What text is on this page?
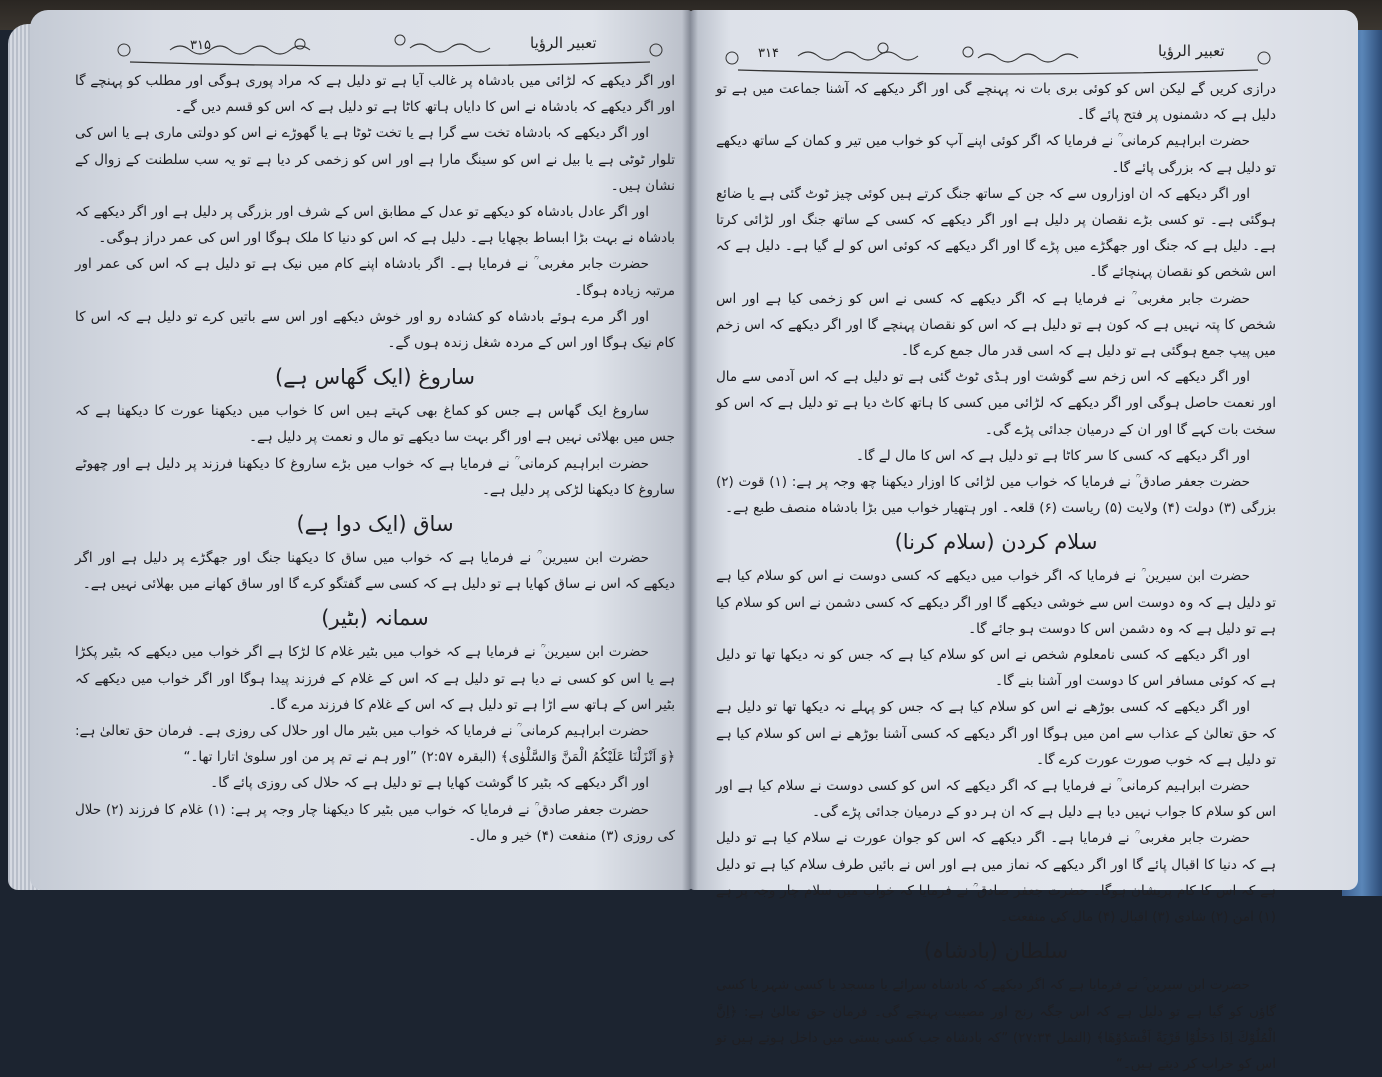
۳۱۵	تعبیر الرؤیا

اور اگر دیکھے کہ لڑائی میں بادشاہ پر غالب آیا ہے تو دلیل ہے کہ مراد پوری ہوگی اور مطلب کو پہنچے گا اور اگر دیکھے کہ بادشاہ نے اس کا دایاں ہاتھ کاٹا ہے تو دلیل ہے کہ اس کو قسم دیں گے۔

اور اگر دیکھے کہ بادشاہ تخت سے گرا ہے یا تخت ٹوٹا ہے یا گھوڑے نے اس کو دولتی ماری ہے یا اس کی تلوار ٹوٹی ہے یا بیل نے اس کو سینگ مارا ہے اور اس کو زخمی کر دیا ہے تو یہ سب سلطنت کے زوال کے نشان ہیں۔

اور اگر عادل بادشاہ کو دیکھے تو عدل کے مطابق اس کے شرف اور بزرگی پر دلیل ہے اور اگر دیکھے کہ بادشاہ نے بہت بڑا ابساط بچھایا ہے۔ دلیل ہے کہ اس کو دنیا کا ملک ہوگا اور اس کی عمر دراز ہوگی۔

حضرت جابر مغربی ؒ نے فرمایا ہے۔ اگر بادشاہ اپنے کام میں نیک ہے تو دلیل ہے کہ اس کی عمر اور مرتبہ زیادہ ہوگا۔

اور اگر مرے ہوئے بادشاہ کو کشادہ رو اور خوش دیکھے اور اس سے باتیں کرے تو دلیل ہے کہ اس کا کام نیک ہوگا اور اس کے مردہ شغل زندہ ہوں گے۔

ساروغ (ایک گھاس ہے)

ساروغ ایک گھاس ہے جس کو کماغ بھی کہتے ہیں اس کا خواب میں دیکھنا عورت کا دیکھنا ہے کہ جس میں بھلائی نہیں ہے اور اگر بہت سا دیکھے تو مال و نعمت پر دلیل ہے۔

حضرت ابراہیم کرمانی ؒ نے فرمایا ہے کہ خواب میں بڑے ساروغ کا دیکھنا فرزند پر دلیل ہے اور چھوٹے ساروغ کا دیکھنا لڑکی پر دلیل ہے۔

ساق (ایک دوا ہے)

حضرت ابن سیرین ؒ نے فرمایا ہے کہ خواب میں ساق کا دیکھنا جنگ اور جھگڑے پر دلیل ہے اور اگر دیکھے کہ اس نے ساق کھایا ہے تو دلیل ہے کہ کسی سے گفتگو کرے گا اور ساق کھانے میں بھلائی نہیں ہے۔

سمانہ (بٹیر)

حضرت ابن سیرین ؒ نے فرمایا ہے کہ خواب میں بٹیر غلام کا لڑکا ہے اگر خواب میں دیکھے کہ بٹیر پکڑا ہے یا اس کو کسی نے دیا ہے تو دلیل ہے کہ اس کے غلام کے فرزند پیدا ہوگا اور اگر خواب میں دیکھے کہ بٹیر اس کے ہاتھ سے اڑا ہے تو دلیل ہے کہ اس کے غلام کا فرزند مرے گا۔

حضرت ابراہیم کرمانی ؒ نے فرمایا کہ خواب میں بٹیر مال اور حلال کی روزی ہے۔ فرمان حق تعالیٰ ہے: ﴿وَ اَنْزَلْنَا عَلَيْكُمُ الْمَنَّ وَالسَّلْوٰى﴾ (البقرہ ۲:۵۷) ”اور ہم نے تم پر من اور سلویٰ اتارا تھا۔“

اور اگر دیکھے کہ بٹیر کا گوشت کھایا ہے تو دلیل ہے کہ حلال کی روزی پائے گا۔

حضرت جعفر صادق ؒ نے فرمایا کہ خواب میں بٹیر کا دیکھنا چار وجہ پر ہے: (۱) غلام کا فرزند (۲) حلال کی روزی (۳) منفعت (۴) خیر و مال۔

۳۱۴	تعبیر الرؤیا

درازی کریں گے لیکن اس کو کوئی بری بات نہ پہنچے گی اور اگر دیکھے کہ آشنا جماعت میں ہے تو دلیل ہے کہ دشمنوں پر فتح پائے گا۔

حضرت ابراہیم کرمانی ؒ نے فرمایا کہ اگر کوئی اپنے آپ کو خواب میں تیر و کمان کے ساتھ دیکھے تو دلیل ہے کہ بزرگی پائے گا۔

اور اگر دیکھے کہ ان اوزاروں سے کہ جن کے ساتھ جنگ کرتے ہیں کوئی چیز ٹوٹ گئی ہے یا ضائع ہوگئی ہے۔ تو کسی بڑے نقصان پر دلیل ہے اور اگر دیکھے کہ کسی کے ساتھ جنگ اور لڑائی کرتا ہے۔ دلیل ہے کہ جنگ اور جھگڑے میں پڑے گا اور اگر دیکھے کہ کوئی اس کو لے گیا ہے۔ دلیل ہے کہ اس شخص کو نقصان پہنچائے گا۔

حضرت جابر مغربی ؒ نے فرمایا ہے کہ اگر دیکھے کہ کسی نے اس کو زخمی کیا ہے اور اس شخص کا پتہ نہیں ہے کہ کون ہے تو دلیل ہے کہ اس کو نقصان پہنچے گا اور اگر دیکھے کہ اس زخم میں پیپ جمع ہوگئی ہے تو دلیل ہے کہ اسی قدر مال جمع کرے گا۔

اور اگر دیکھے کہ اس زخم سے گوشت اور ہڈی ٹوٹ گئی ہے تو دلیل ہے کہ اس آدمی سے مال اور نعمت حاصل ہوگی اور اگر دیکھے کہ لڑائی میں کسی کا ہاتھ کاٹ دیا ہے تو دلیل ہے کہ اس کو سخت بات کہے گا اور ان کے درمیان جدائی پڑے گی۔

اور اگر دیکھے کہ کسی کا سر کاٹا ہے تو دلیل ہے کہ اس کا مال لے گا۔

حضرت جعفر صادق ؒ نے فرمایا کہ خواب میں لڑائی کا اوزار دیکھنا چھ وجہ پر ہے: (۱) قوت (۲) بزرگی (۳) دولت (۴) ولایت (۵) ریاست (۶) قلعہ۔ اور ہتھیار خواب میں بڑا بادشاہ منصف طبع ہے۔

سلام کردن (سلام کرنا)

حضرت ابن سیرین ؒ نے فرمایا کہ اگر خواب میں دیکھے کہ کسی دوست نے اس کو سلام کیا ہے تو دلیل ہے کہ وہ دوست اس سے خوشی دیکھے گا اور اگر دیکھے کہ کسی دشمن نے اس کو سلام کیا ہے تو دلیل ہے کہ وہ دشمن اس کا دوست ہو جائے گا۔

اور اگر دیکھے کہ کسی نامعلوم شخص نے اس کو سلام کیا ہے کہ جس کو نہ دیکھا تھا تو دلیل ہے کہ کوئی مسافر اس کا دوست اور آشنا بنے گا۔

اور اگر دیکھے کہ کسی بوڑھے نے اس کو سلام کیا ہے کہ جس کو پہلے نہ دیکھا تھا تو دلیل ہے کہ حق تعالیٰ کے عذاب سے امن میں ہوگا اور اگر دیکھے کہ کسی آشنا بوڑھے نے اس کو سلام کیا ہے تو دلیل ہے کہ خوب صورت عورت کرے گا۔

حضرت ابراہیم کرمانی ؒ نے فرمایا ہے کہ اگر دیکھے کہ اس کو کسی دوست نے سلام کیا ہے اور اس کو سلام کا جواب نہیں دیا ہے دلیل ہے کہ ان ہر دو کے درمیان جدائی پڑے گی۔

حضرت جابر مغربی ؒ نے فرمایا ہے۔ اگر دیکھے کہ اس کو جوان عورت نے سلام کیا ہے تو دلیل ہے کہ دنیا کا اقبال پائے گا اور اگر دیکھے کہ نماز میں ہے اور اس نے بائیں طرف سلام کیا ہے تو دلیل ہے کہ اس کا کام پریشان ہوگا۔ حضرت جعفر صادق ؒ نے فرمایا کہ خواب میں سلام چار وجہ پر ہے (۱) امن (۲) شادی (۳) اقبال (۴) مال کی منفعت۔

سلطان (بادشاہ)

حضرت ابن سیرین ؒ نے فرمایا ہے کہ اگر دیکھے کہ بادشاہ سرائے یا مسجد یا کسی شہر یا کسی گاؤں کو گیا ہے تو دلیل ہے کہ اس جگہ رنج اور مصیبت پہنچے گی۔ فرمان حق تعالیٰ ہے: ﴿اِنَّ الْمُلُوْكَ اِذَا دَخَلُوْا قَرْيَةً اَفْسَدُوْهَا﴾ (النمل ۲۷:۳۴) ”کہ بادشاہ جب کسی بستی میں داخل ہوتے ہیں تو اس کو خراب کر دیتے ہیں۔“
